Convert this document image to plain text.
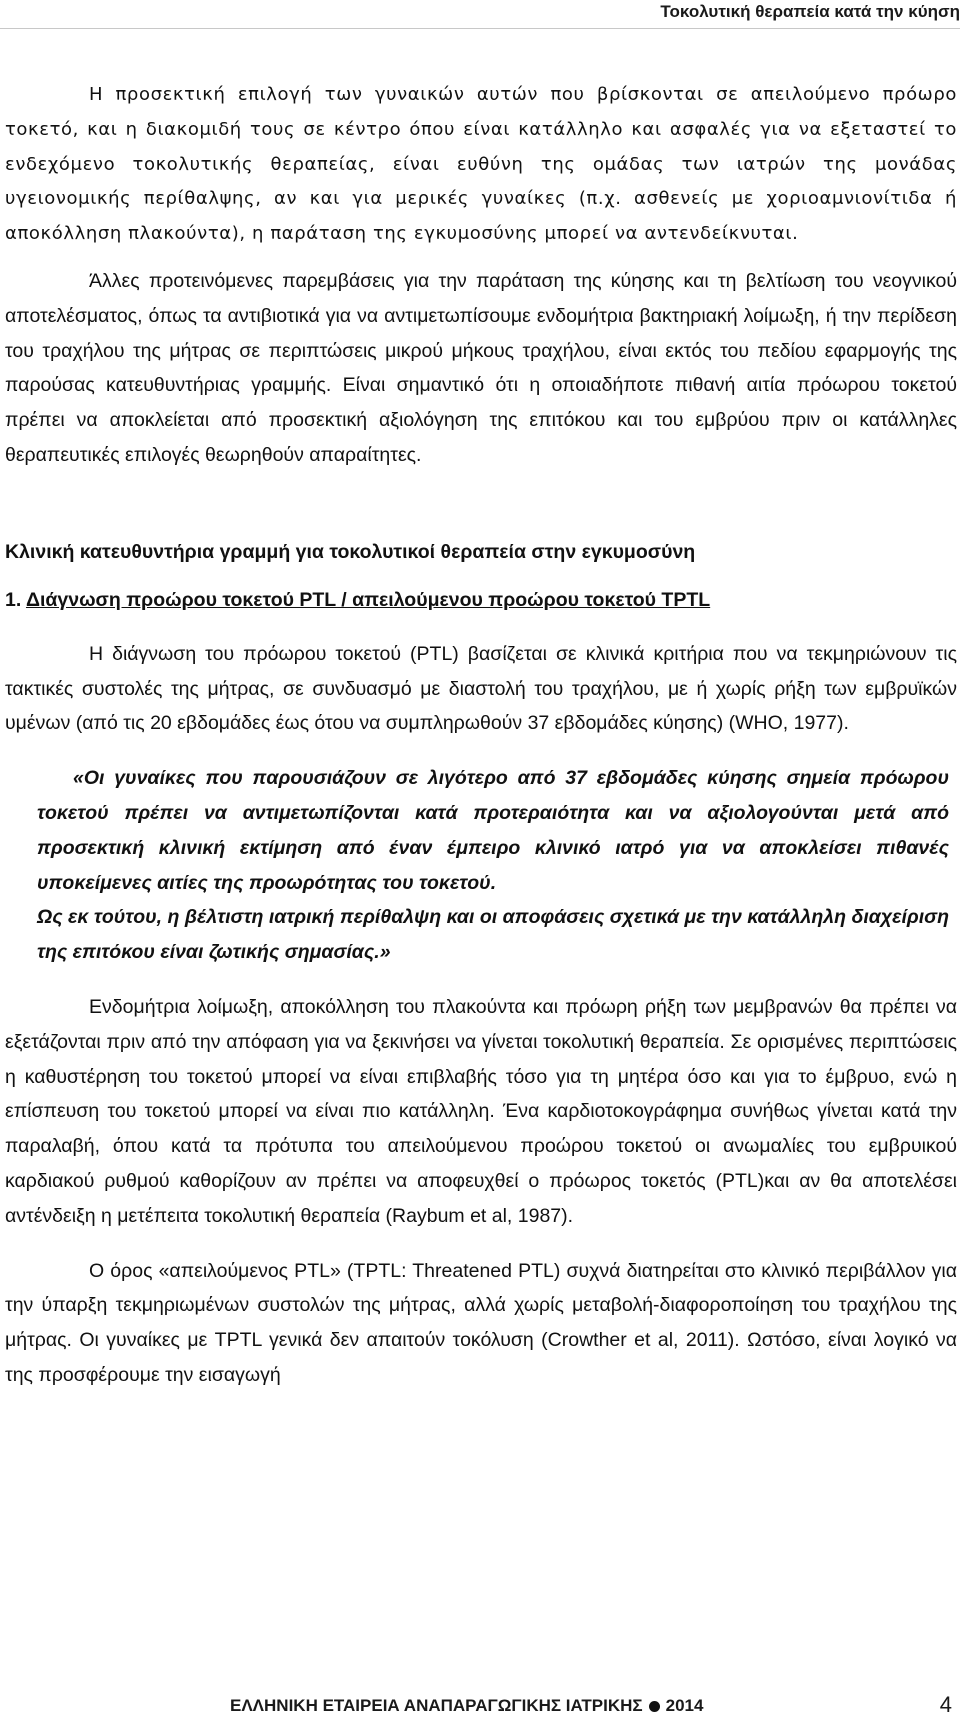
Τοκολυτική θεραπεία κατά την κύηση

Η προσεκτική επιλογή των γυναικών αυτών που βρίσκονται σε απειλούμενο πρόωρο τοκετό, και η διακομιδή τους σε κέντρο όπου είναι κατάλληλο και ασφαλές για να εξεταστεί το ενδεχόμενο τοκολυτικής θεραπείας, είναι ευθύνη της ομάδας των ιατρών της μονάδας υγειονομικής περίθαλψης, αν και για μερικές γυναίκες (π.χ. ασθενείς με χοριοαμνιονίτιδα ή αποκόλληση πλακούντα), η παράταση της εγκυμοσύνης μπορεί να αντενδείκνυται.

Άλλες προτεινόμενες παρεμβάσεις για την παράταση της κύησης και τη βελτίωση του νεογνικού αποτελέσματος, όπως τα αντιβιοτικά για να αντιμετωπίσουμε ενδομήτρια βακτηριακή λοίμωξη, ή την περίδεση του τραχήλου της μήτρας σε περιπτώσεις μικρού μήκους τραχήλου, είναι εκτός του πεδίου εφαρμογής της παρούσας κατευθυντήριας γραμμής. Είναι σημαντικό ότι η οποιαδήποτε πιθανή αιτία πρόωρου τοκετού πρέπει να αποκλείεται από προσεκτική αξιολόγηση της επιτόκου και του εμβρύου πριν οι κατάλληλες θεραπευτικές επιλογές θεωρηθούν απαραίτητες.

Κλινική κατευθυντήρια γραμμή για τοκολυτικοί θεραπεία στην εγκυμοσύνη
1. Διάγνωση προώρου τοκετού PTL / απειλούμενου προώρου τοκετού TPTL

Η διάγνωση του πρόωρου τοκετού (PTL) βασίζεται σε κλινικά κριτήρια που να τεκμηριώνουν τις τακτικές συστολές της μήτρας, σε συνδυασμό με διαστολή του τραχήλου, με ή χωρίς ρήξη των εμβρυϊκών υμένων (από τις 20 εβδομάδες έως ότου να συμπληρωθούν 37 εβδομάδες κύησης) (WHO, 1977).

«Οι γυναίκες που παρουσιάζουν σε λιγότερο από 37 εβδομάδες κύησης σημεία πρόωρου τοκετού πρέπει να αντιμετωπίζονται κατά προτεραιότητα και να αξιολογούνται μετά από προσεκτική κλινική εκτίμηση από έναν έμπειρο κλινικό ιατρό για να αποκλείσει πιθανές υποκείμενες αιτίες της προωρότητας του τοκετού.

Ως εκ τούτου, η βέλτιστη ιατρική περίθαλψη και οι αποφάσεις σχετικά με την κατάλληλη διαχείριση της επιτόκου είναι ζωτικής σημασίας.»

Ενδομήτρια λοίμωξη, αποκόλληση του πλακούντα και πρόωρη ρήξη των μεμβρανών θα πρέπει να εξετάζονται πριν από την απόφαση για να ξεκινήσει να γίνεται τοκολυτική θεραπεία. Σε ορισμένες περιπτώσεις η καθυστέρηση του τοκετού μπορεί να είναι επιβλαβής τόσο για τη μητέρα όσο και για το έμβρυο, ενώ η επίσπευση του τοκετού μπορεί να είναι πιο κατάλληλη. Ένα καρδιοτοκογράφημα συνήθως γίνεται κατά την παραλαβή, όπου κατά τα πρότυπα του απειλούμενου προώρου τοκετού οι ανωμαλίες του εμβρυικού καρδιακού ρυθμού καθορίζουν αν πρέπει να αποφευχθεί ο πρόωρος τοκετός (PTL)και αν θα αποτελέσει αντένδειξη η μετέπειτα τοκολυτική θεραπεία (Raybum et al, 1987).

Ο όρος «απειλούμενος PTL» (TPTL: Threatened PTL) συχνά διατηρείται στο κλινικό περιβάλλον για την ύπαρξη τεκμηριωμένων συστολών της μήτρας, αλλά χωρίς μεταβολή-διαφοροποίηση του τραχήλου της μήτρας. Οι γυναίκες με TPTL γενικά δεν απαιτούν τοκόλυση (Crowther et al, 2011). Ωστόσο, είναι λογικό να της προσφέρουμε την εισαγωγή

ΕΛΛΗΝΙΚΗ ΕΤΑΙΡΕΙΑ ΑΝΑΠΑΡΑΓΩΓΙΚΗΣ ΙΑΤΡΙΚΗΣ 2014	4
